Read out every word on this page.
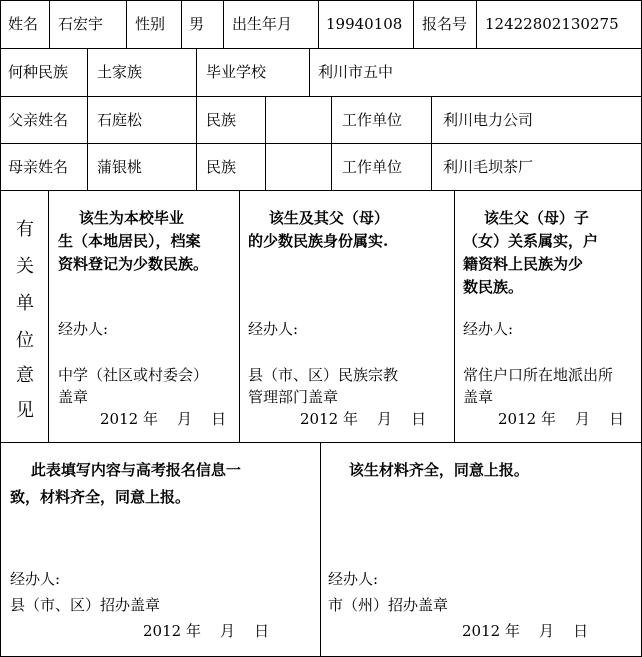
姓名 石宏宇 性别 男 出生年月 19940108 报名号 12422802130275
何种民族 土家族	毕业学校	利川市五中
父亲姓名 石庭松	民族	工作单位	利川电力公司
母亲姓名 蒲银桃	民族	工作单位	利川毛坝茶厂
有
关
单
位
意
见
该生为本校毕业
生（本地居民），档案
资料登记为少数民族。
经办人:
中学（社区或村委会）
盖章
2012 年    月    日
该生及其父（母）
的少数民族身份属实.
经办人:
县（市、区）民族宗教
管理部门盖章
2012 年    月    日
该生父（母）子
（女）关系属实，户
籍资料上民族为少
数民族。
经办人:
常住户口所在地派出所
盖章
2012 年    月    日
此表填写内容与高考报名信息一
致，材料齐全，同意上报。
经办人:
县（市、区）招办盖章
2012 年    月    日
该生材料齐全，同意上报。
经办人:
市（州）招办盖章
2012 年    月    日
